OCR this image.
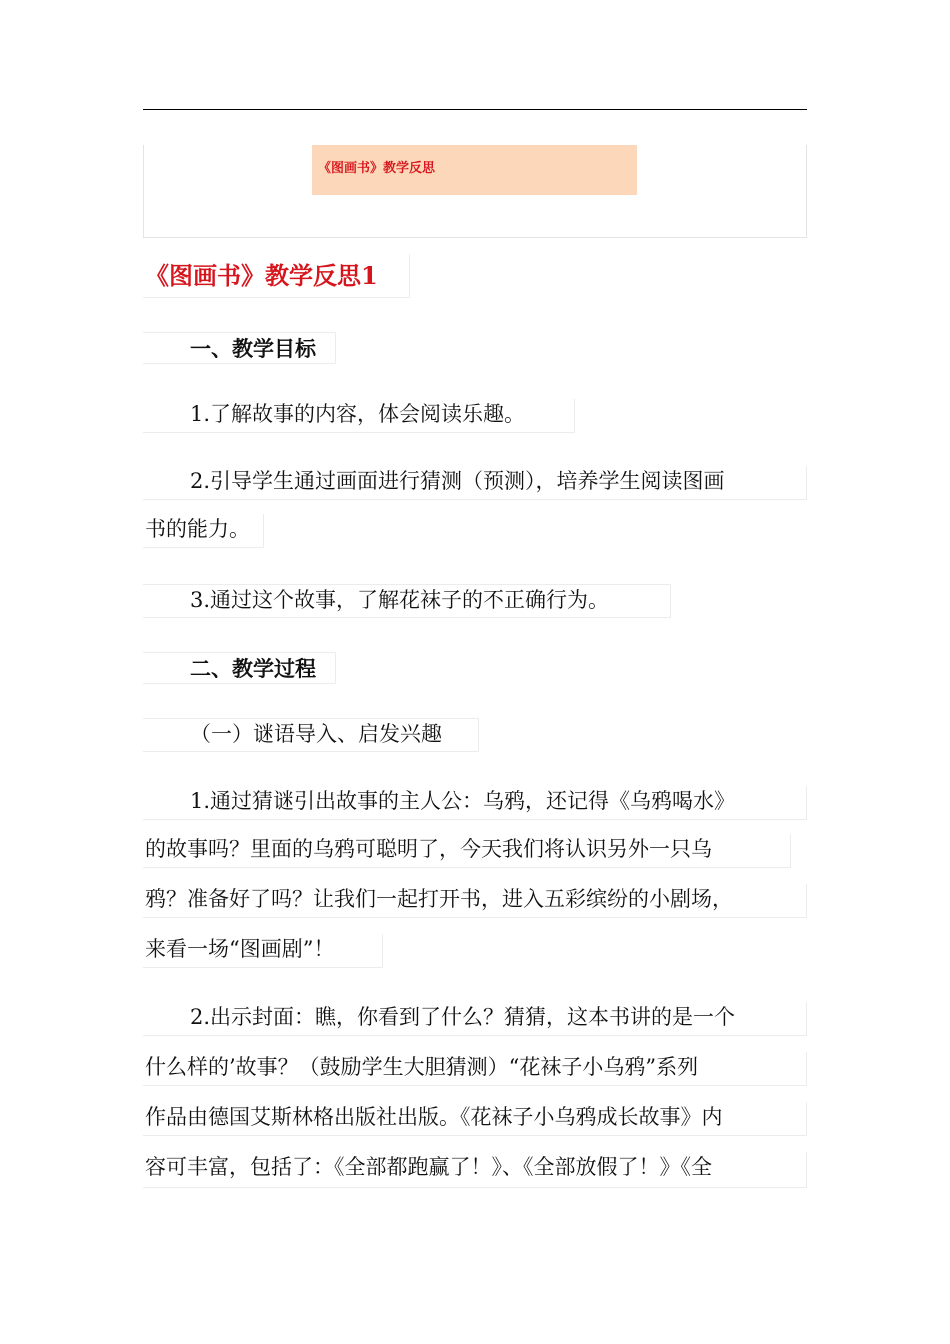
《图画书》教学反思
《图画书》教学反思1
一、教学目标
1.了解故事的内容，体会阅读乐趣。
2.引导学生通过画面进行猜测（预测），培养学生阅读图画
书的能力。
3.通过这个故事，了解花袜子的不正确行为。
二、教学过程
（一）谜语导入、启发兴趣
1.通过猜谜引出故事的主人公：乌鸦，还记得《乌鸦喝水》
的故事吗？里面的乌鸦可聪明了，今天我们将认识另外一只乌
鸦？准备好了吗？让我们一起打开书，进入五彩缤纷的小剧场，
来看一场“图画剧”！
2.出示封面：瞧，你看到了什么？猜猜，这本书讲的是一个
什么样的’故事？（鼓励学生大胆猜测）“花袜子小乌鸦”系列
作品由德国艾斯林格出版社出版。《花袜子小乌鸦成长故事》内
容可丰富，包括了：《全部都跑赢了！》、《全部放假了！》《全
